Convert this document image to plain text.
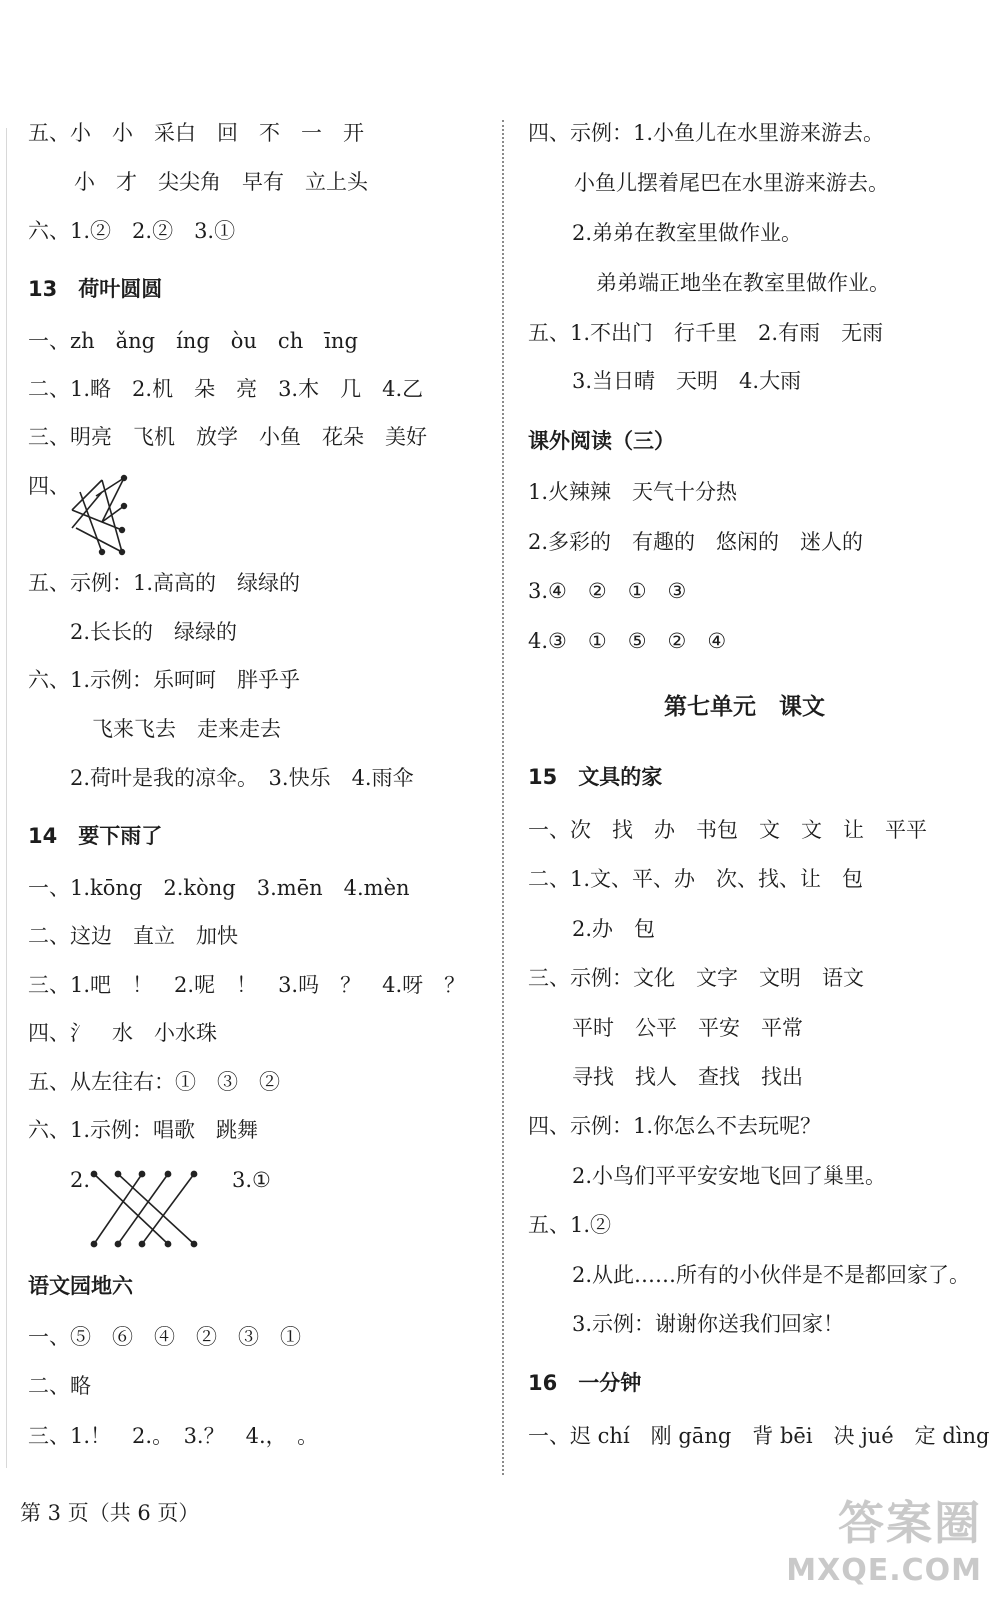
五、小　小　采白　回　不　一　开
小　才　尖尖角　早有　立上头
六、1.②　2.②　3.①
13　荷叶圆圆
一、zh　ǎng　íng　òu　ch　īng
二、1.略　2.机　朵　亮　3.木　几　4.乙
三、明亮　飞机　放学　小鱼　花朵　美好
四、
五、示例：1.高高的　绿绿的
2.长长的　绿绿的
六、1.示例：乐呵呵　胖乎乎
飞来飞去　走来走去
2.荷叶是我的凉伞。　3.快乐　4.雨伞
14　要下雨了
一、1.kōng　2.kòng　3.mēn　4.mèn
二、这边　直立　加快
三、1.吧　！　2.呢　！　3.吗　？　4.呀　？
四、氵　水　小水珠
五、从左往右：①　③　②
六、1.示例：唱歌　跳舞
2.	3.①
语文园地六
一、⑤　⑥　④　②　③　①
二、略
三、1.！　2.。　3.？　4.，　。
四、示例：1.小鱼儿在水里游来游去。
小鱼儿摆着尾巴在水里游来游去。
2.弟弟在教室里做作业。
弟弟端正地坐在教室里做作业。
五、1.不出门　行千里　2.有雨　无雨
3.当日晴　天明　4.大雨
课外阅读（三）
1.火辣辣　天气十分热
2.多彩的　有趣的　悠闲的　迷人的
3.④　②　①　③
4.③　①　⑤　②　④
第七单元　课文
15　文具的家
一、次　找　办　书包　文　文　让　平平
二、1.文、平、办　次、找、让　包
2.办　包
三、示例：文化　文字　文明　语文
平时　公平　平安　平常
寻找　找人　查找　找出
四、示例：1.你怎么不去玩呢？
2.小鸟们平平安安地飞回了巢里。
五、1.②
2.从此……所有的小伙伴是不是都回家了。
3.示例：谢谢你送我们回家！
16　一分钟
一、迟 chí　刚 gāng　背 bēi　决 jué　定 dìng
第 3 页（共 6 页）	答案圈
MXQE.COM
